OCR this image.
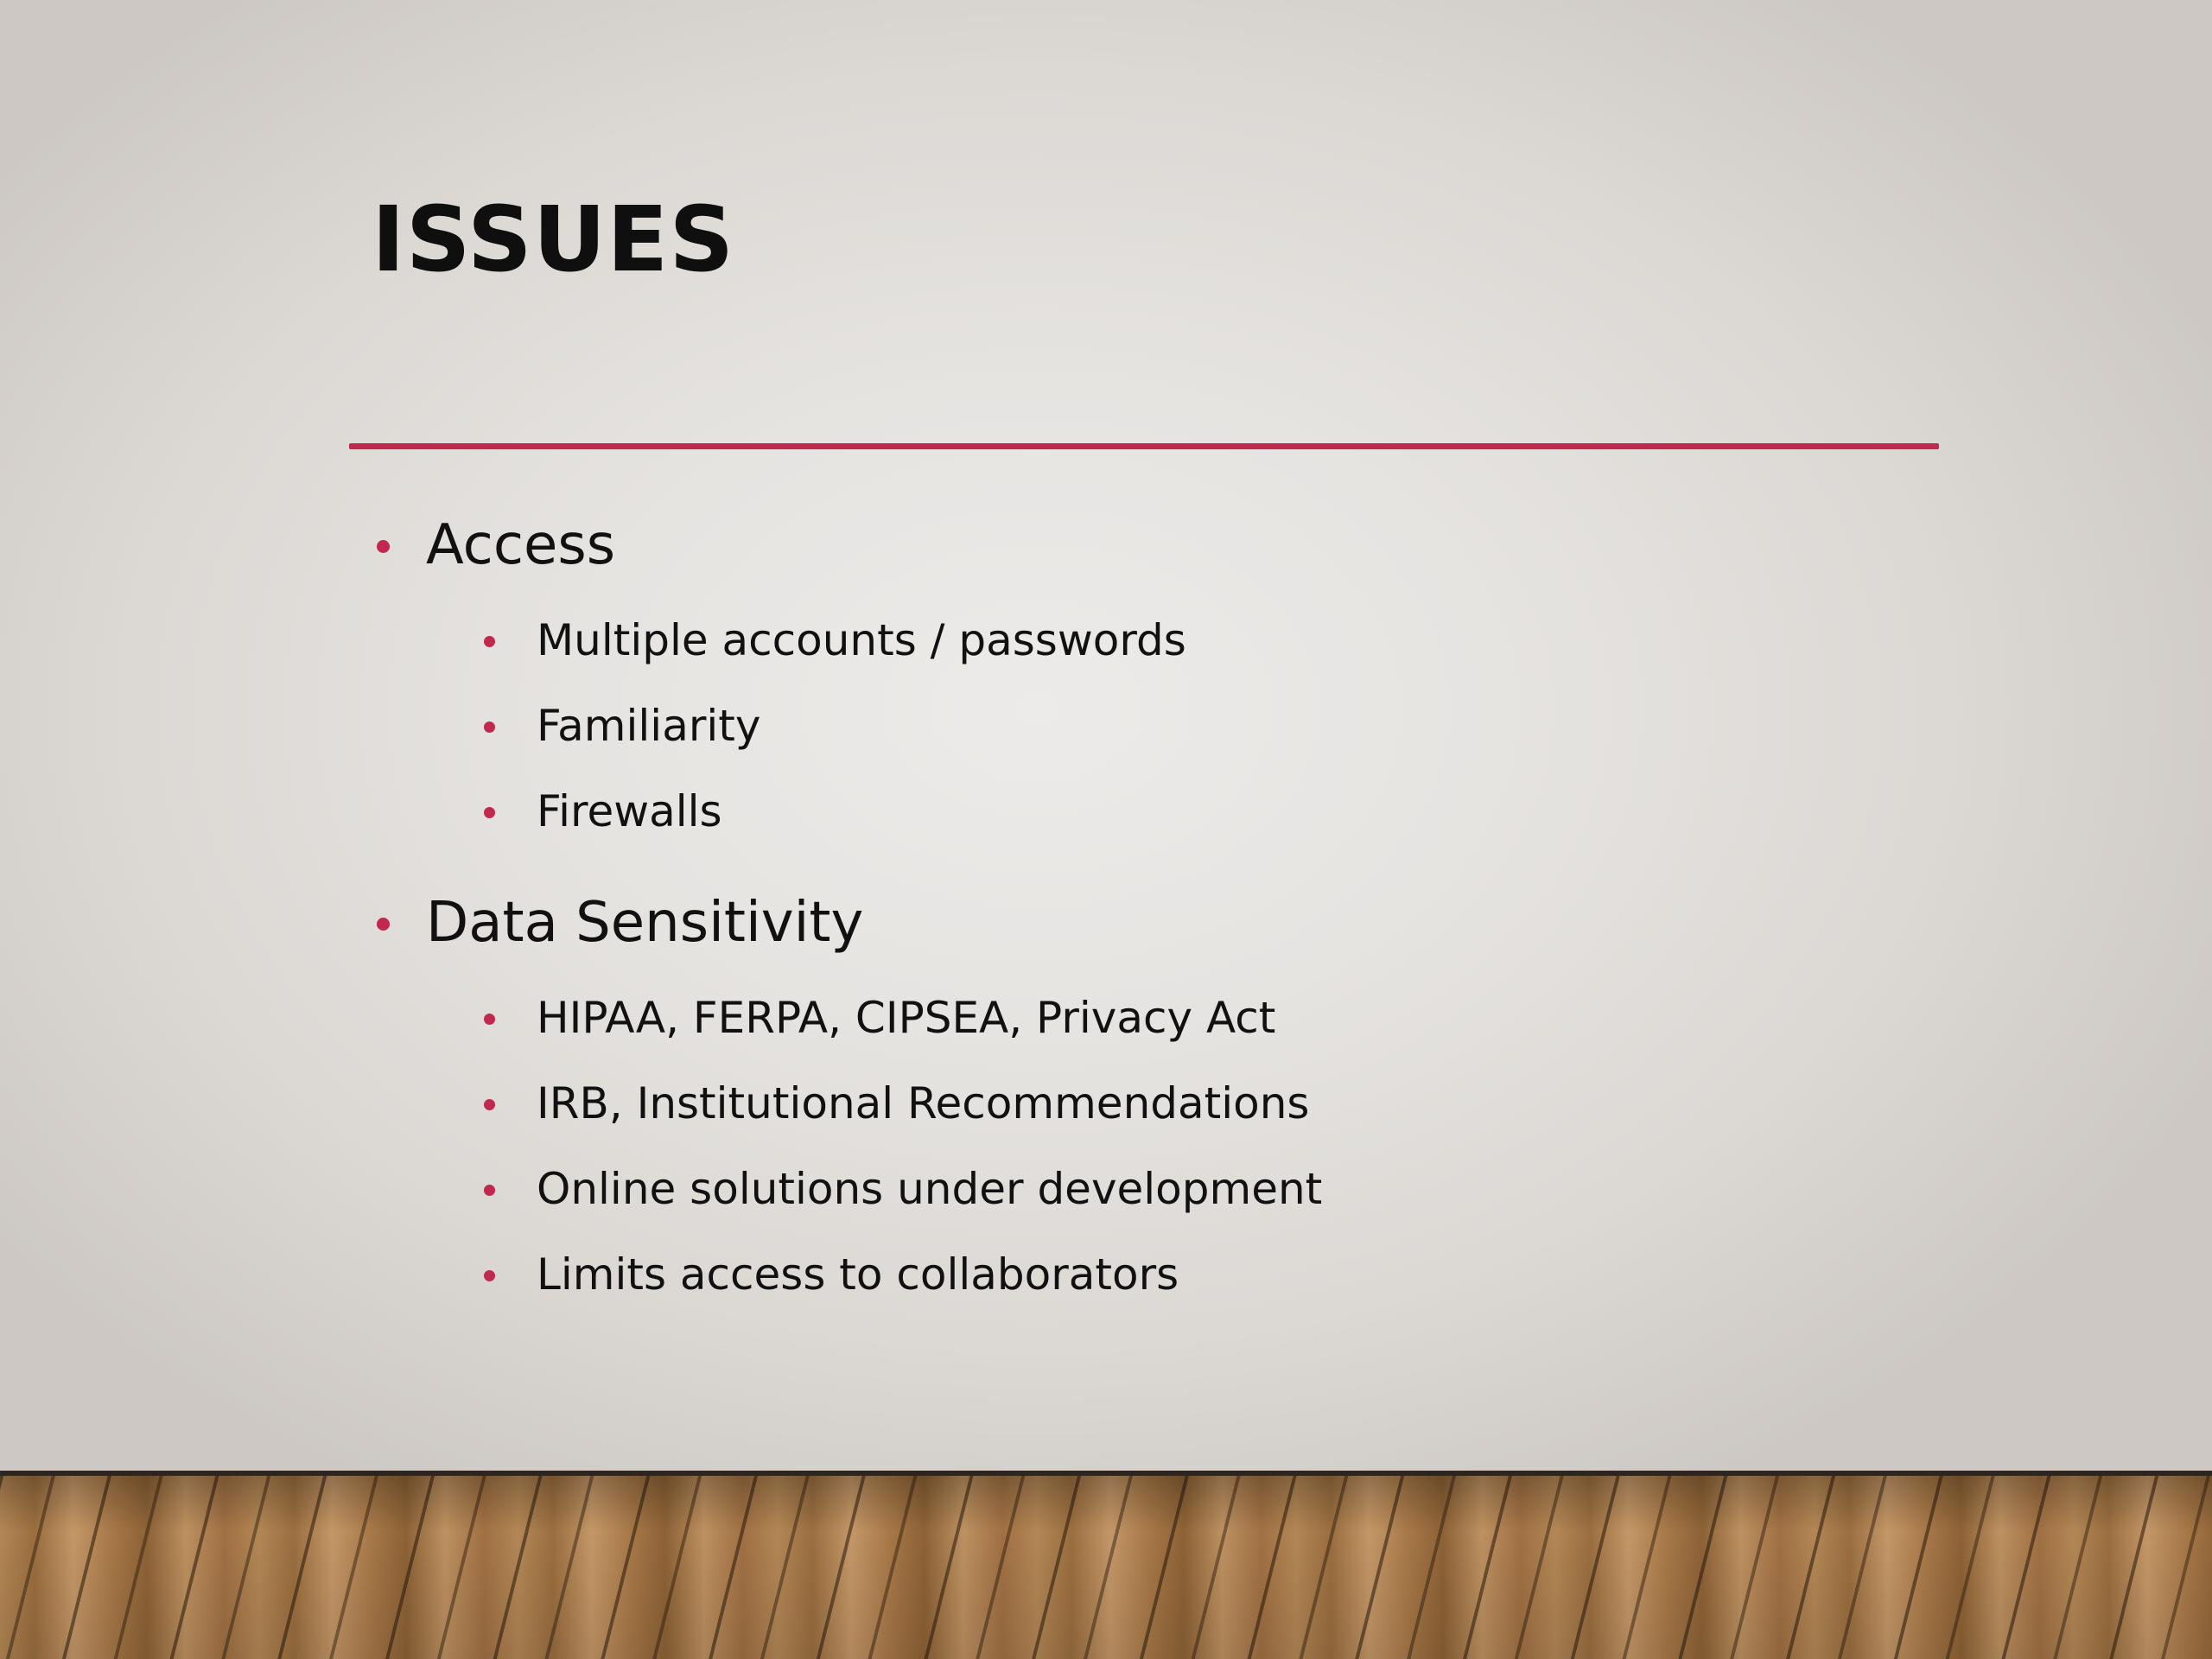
ISSUES
Access
Multiple accounts / passwords
Familiarity
Firewalls
Data Sensitivity
HIPAA, FERPA, CIPSEA, Privacy Act
IRB, Institutional Recommendations
Online solutions under development
Limits access to collaborators
